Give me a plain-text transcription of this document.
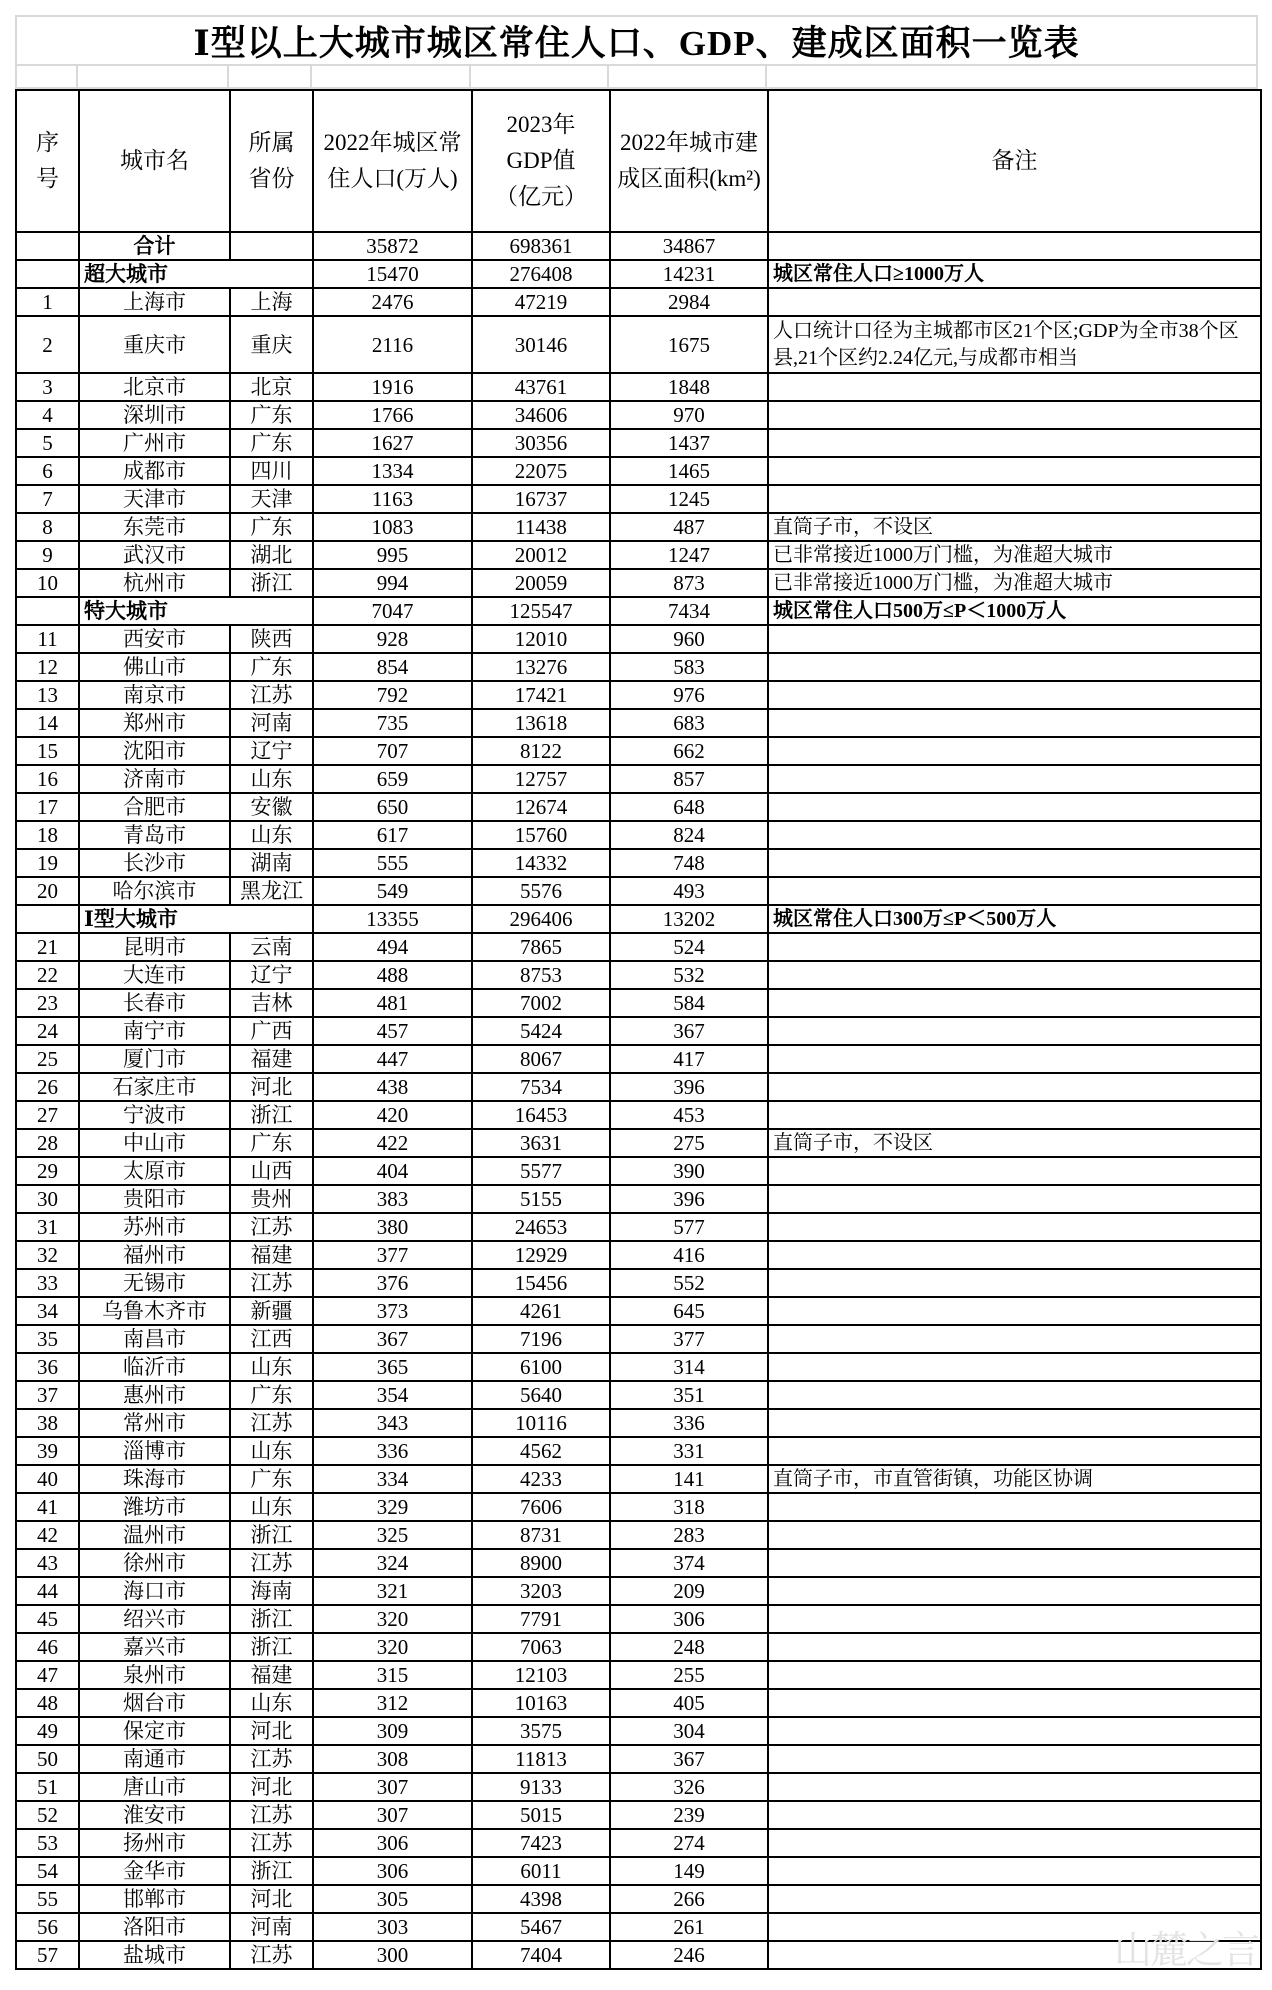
Ⅰ型以上大城市城区常住人口、GDP、建成区面积一览表
序号	城市名	所属省份	2022年城区常住人口(万人)	2023年GDP值（亿元）	2022年城市建成区面积(km²)	备注
	合计		35872	698361	34867	
	超大城市		15470	276408	14231	城区常住人口≥1000万人
1	上海市	上海	2476	47219	2984	
2	重庆市	重庆	2116	30146	1675	人口统计口径为主城都市区21个区;GDP为全市38个区县,21个区约2.24亿元,与成都市相当
3	北京市	北京	1916	43761	1848	
4	深圳市	广东	1766	34606	970	
5	广州市	广东	1627	30356	1437	
6	成都市	四川	1334	22075	1465	
7	天津市	天津	1163	16737	1245	
8	东莞市	广东	1083	11438	487	直筒子市，不设区
9	武汉市	湖北	995	20012	1247	已非常接近1000万门槛，为准超大城市
10	杭州市	浙江	994	20059	873	已非常接近1000万门槛，为准超大城市
	特大城市		7047	125547	7434	城区常住人口500万≤P＜1000万人
11	西安市	陕西	928	12010	960	
12	佛山市	广东	854	13276	583	
13	南京市	江苏	792	17421	976	
14	郑州市	河南	735	13618	683	
15	沈阳市	辽宁	707	8122	662	
16	济南市	山东	659	12757	857	
17	合肥市	安徽	650	12674	648	
18	青岛市	山东	617	15760	824	
19	长沙市	湖南	555	14332	748	
20	哈尔滨市	黑龙江	549	5576	493	
	Ⅰ型大城市		13355	296406	13202	城区常住人口300万≤P＜500万人
21	昆明市	云南	494	7865	524	
22	大连市	辽宁	488	8753	532	
23	长春市	吉林	481	7002	584	
24	南宁市	广西	457	5424	367	
25	厦门市	福建	447	8067	417	
26	石家庄市	河北	438	7534	396	
27	宁波市	浙江	420	16453	453	
28	中山市	广东	422	3631	275	直筒子市，不设区
29	太原市	山西	404	5577	390	
30	贵阳市	贵州	383	5155	396	
31	苏州市	江苏	380	24653	577	
32	福州市	福建	377	12929	416	
33	无锡市	江苏	376	15456	552	
34	乌鲁木齐市	新疆	373	4261	645	
35	南昌市	江西	367	7196	377	
36	临沂市	山东	365	6100	314	
37	惠州市	广东	354	5640	351	
38	常州市	江苏	343	10116	336	
39	淄博市	山东	336	4562	331	
40	珠海市	广东	334	4233	141	直筒子市，市直管街镇，功能区协调
41	潍坊市	山东	329	7606	318	
42	温州市	浙江	325	8731	283	
43	徐州市	江苏	324	8900	374	
44	海口市	海南	321	3203	209	
45	绍兴市	浙江	320	7791	306	
46	嘉兴市	浙江	320	7063	248	
47	泉州市	福建	315	12103	255	
48	烟台市	山东	312	10163	405	
49	保定市	河北	309	3575	304	
50	南通市	江苏	308	11813	367	
51	唐山市	河北	307	9133	326	
52	淮安市	江苏	307	5015	239	
53	扬州市	江苏	306	7423	274	
54	金华市	浙江	306	6011	149	
55	邯郸市	河北	305	4398	266	
56	洛阳市	河南	303	5467	261	
57	盐城市	江苏	300	7404	246		山麓之言
